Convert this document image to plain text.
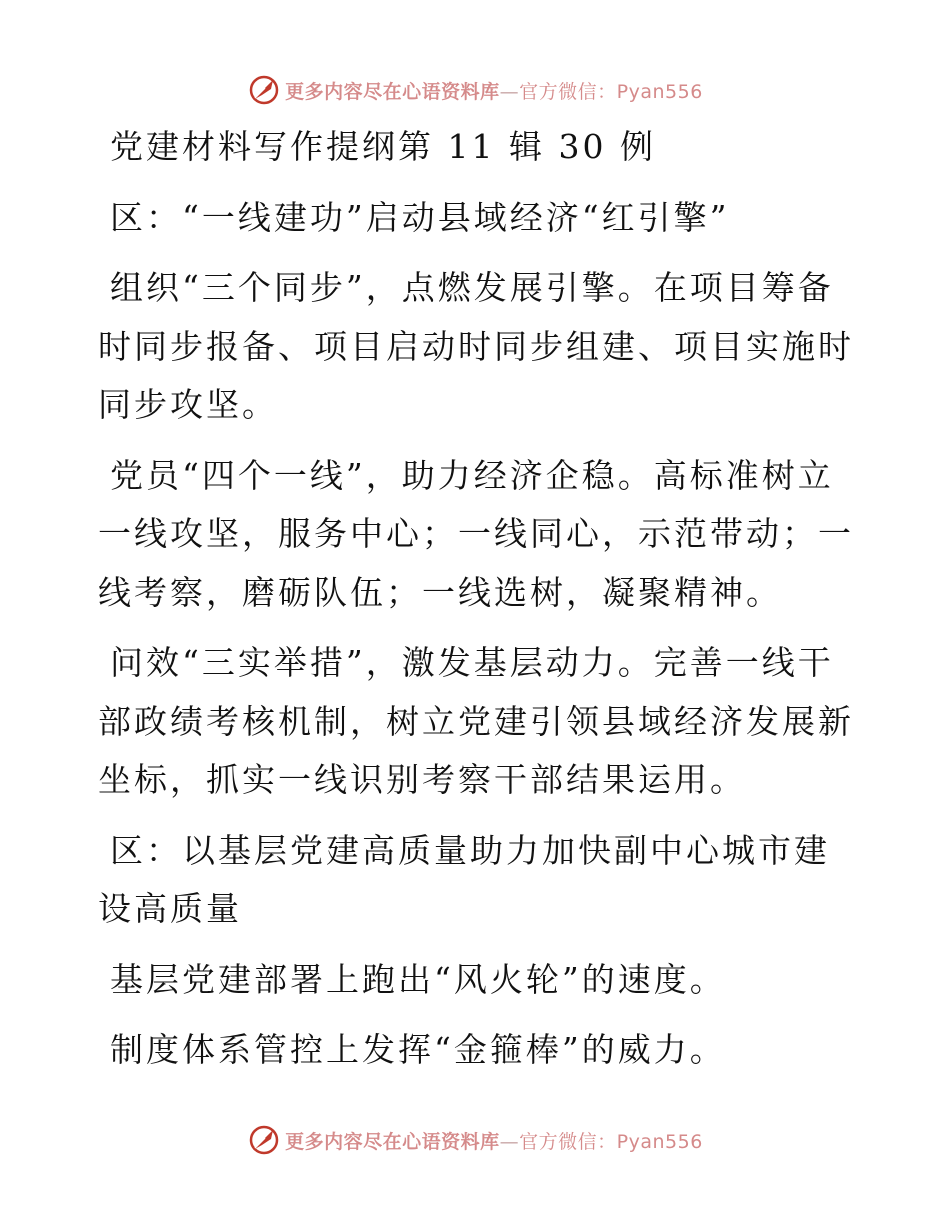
更多内容尽在心语资料库—官方微信：Pyan556

党建材料写作提纲第 11 辑 30 例

区：“一线建功”启动县域经济“红引擎”

组织“三个同步”，点燃发展引擎。在项目筹备时同步报备、项目启动时同步组建、项目实施时同步攻坚。

党员“四个一线”，助力经济企稳。高标准树立一线攻坚，服务中心；一线同心，示范带动；一线考察，磨砺队伍；一线选树，凝聚精神。

问效“三实举措”，激发基层动力。完善一线干部政绩考核机制，树立党建引领县域经济发展新坐标，抓实一线识别考察干部结果运用。

区：以基层党建高质量助力加快副中心城市建设高质量

基层党建部署上跑出“风火轮”的速度。

制度体系管控上发挥“金箍棒”的威力。

更多内容尽在心语资料库—官方微信：Pyan556
